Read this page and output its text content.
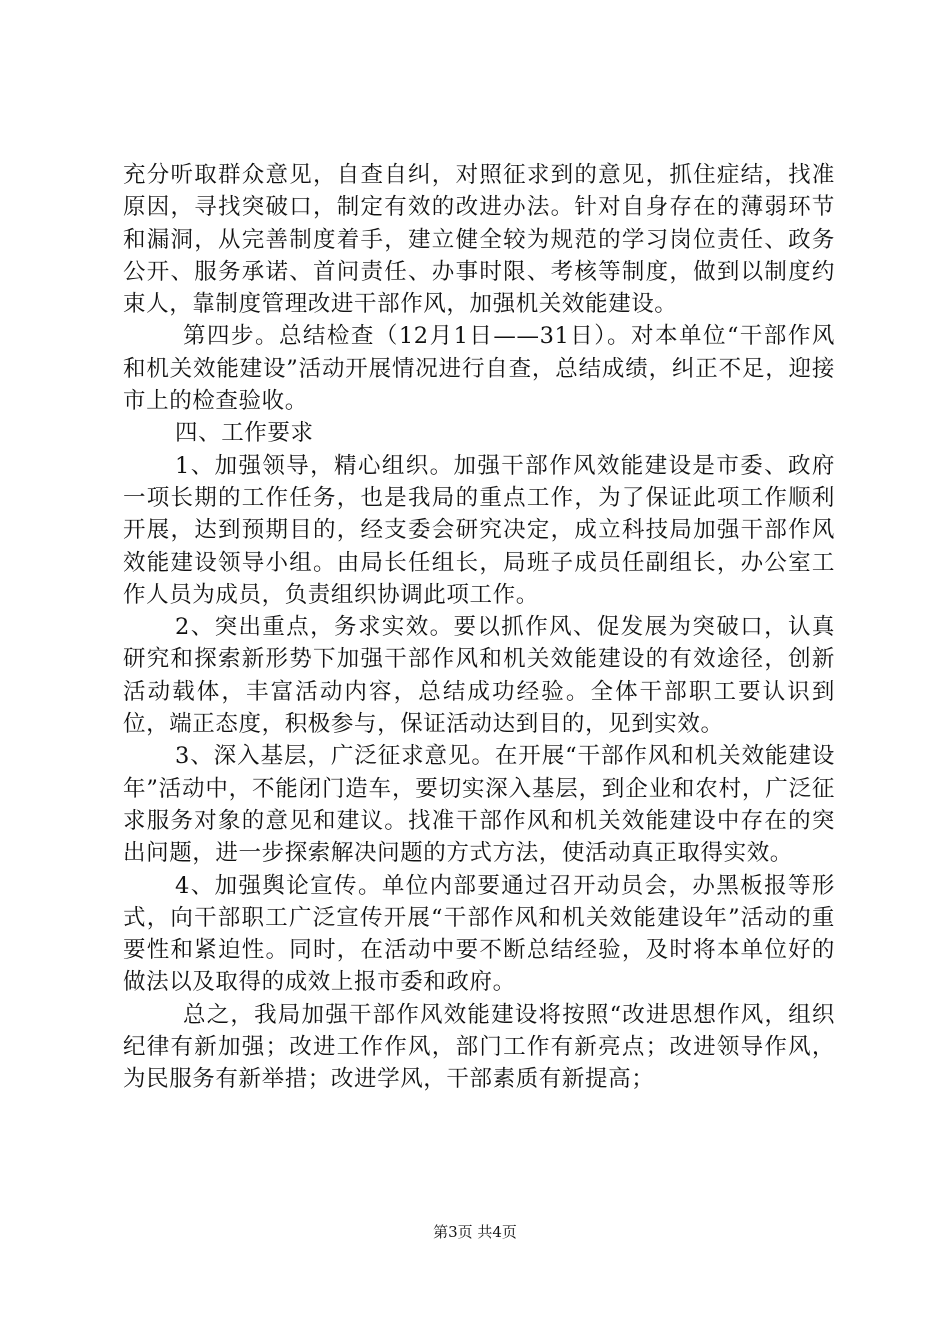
充分听取群众意见，自查自纠，对照征求到的意见，抓住症结，找准原因，寻找突破口，制定有效的改进办法。针对自身存在的薄弱环节和漏洞，从完善制度着手，建立健全较为规范的学习岗位责任、政务公开、服务承诺、首问责任、办事时限、考核等制度，做到以制度约束人，靠制度管理改进干部作风，加强机关效能建设。

第四步。总结检查（12月1日——31日）。对本单位“干部作风和机关效能建设”活动开展情况进行自查，总结成绩，纠正不足，迎接市上的检查验收。

四、工作要求

1、加强领导，精心组织。加强干部作风效能建设是市委、政府一项长期的工作任务，也是我局的重点工作，为了保证此项工作顺利开展，达到预期目的，经支委会研究决定，成立科技局加强干部作风效能建设领导小组。由局长任组长，局班子成员任副组长，办公室工作人员为成员，负责组织协调此项工作。

2、突出重点，务求实效。要以抓作风、促发展为突破口，认真研究和探索新形势下加强干部作风和机关效能建设的有效途径，创新活动载体，丰富活动内容，总结成功经验。全体干部职工要认识到位，端正态度，积极参与，保证活动达到目的，见到实效。

3、深入基层，广泛征求意见。在开展“干部作风和机关效能建设年”活动中，不能闭门造车，要切实深入基层，到企业和农村，广泛征求服务对象的意见和建议。找准干部作风和机关效能建设中存在的突出问题，进一步探索解决问题的方式方法，使活动真正取得实效。

4、加强舆论宣传。单位内部要通过召开动员会，办黑板报等形式，向干部职工广泛宣传开展“干部作风和机关效能建设年”活动的重要性和紧迫性。同时，在活动中要不断总结经验，及时将本单位好的做法以及取得的成效上报市委和政府。

总之，我局加强干部作风效能建设将按照“改进思想作风，组织纪律有新加强；改进工作作风，部门工作有新亮点；改进领导作风，为民服务有新举措；改进学风，干部素质有新提高；

第3页 共4页
